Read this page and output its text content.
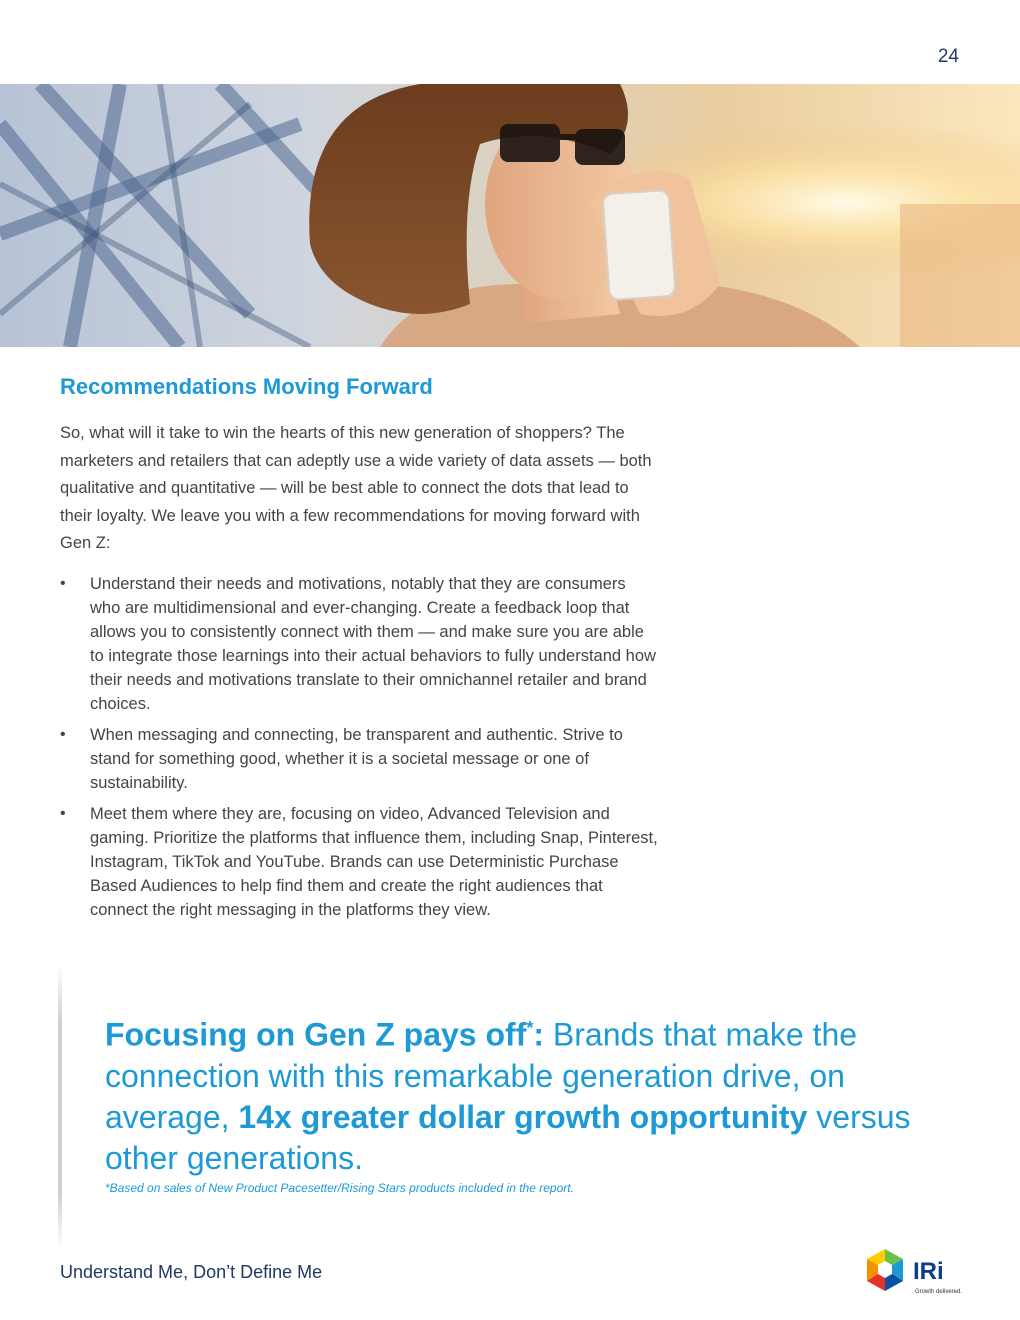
24
Recommendations Moving Forward

So, what will it take to win the hearts of this new generation of shoppers? The marketers and retailers that can adeptly use a wide variety of data assets — both qualitative and quantitative — will be best able to connect the dots that lead to their loyalty. We leave you with a few recommendations for moving forward with Gen Z:

• Understand their needs and motivations, notably that they are consumers who are multidimensional and ever-changing. Create a feedback loop that allows you to consistently connect with them — and make sure you are able to integrate those learnings into their actual behaviors to fully understand how their needs and motivations translate to their omnichannel retailer and brand choices.
• When messaging and connecting, be transparent and authentic. Strive to stand for something good, whether it is a societal message or one of sustainability.
• Meet them where they are, focusing on video, Advanced Television and gaming. Prioritize the platforms that influence them, including Snap, Pinterest, Instagram, TikTok and YouTube. Brands can use Deterministic Purchase Based Audiences to help find them and create the right audiences that connect the right messaging in the platforms they view.

Focusing on Gen Z pays off*: Brands that make the connection with this remarkable generation drive, on average, 14x greater dollar growth opportunity versus other generations.

*Based on sales of New Product Pacesetter/Rising Stars products included in the report.

Understand Me, Don’t Define Me	IRi
Growth delivered.
